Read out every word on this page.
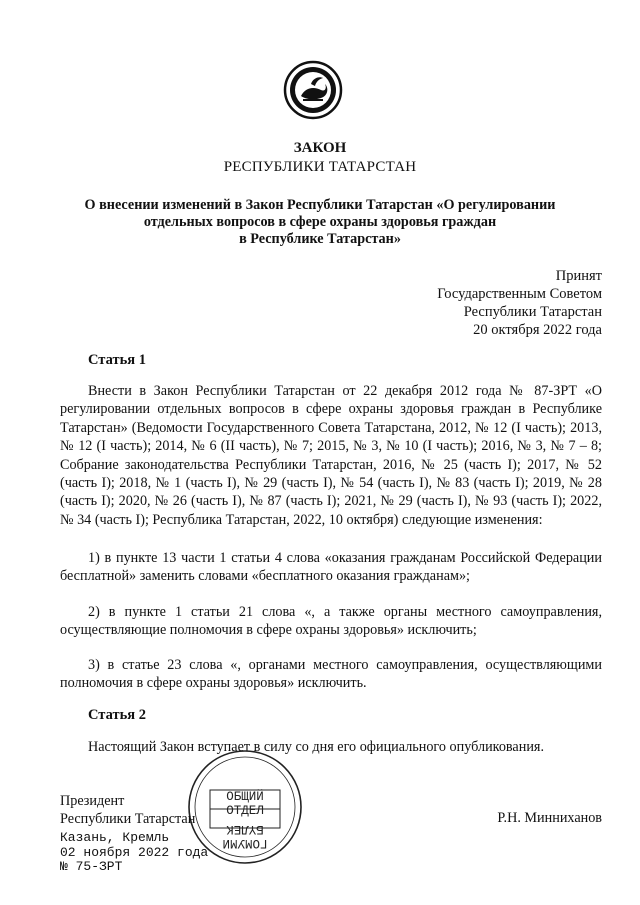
ЗАКОН
РЕСПУБЛИКИ ТАТАРСТАН
О внесении изменений в Закон Республики Татарстан «О регулировании
отдельных вопросов в сфере охраны здоровья граждан
в Республике Татарстан»
Принят
Государственным Советом
Республики Татарстан
20 октября 2022 года
Статья 1

Внести в Закон Республики Татарстан от 22 декабря 2012 года № 87-ЗРТ «О регулировании отдельных вопросов в сфере охраны здоровья граждан в Республике Татарстан» (Ведомости Государственного Совета Татарстана, 2012, № 12 (I часть); 2013, № 12 (I часть); 2014, № 6 (II часть), № 7; 2015, № 3, № 10 (I часть); 2016, № 3, № 7 – 8; Собрание законодательства Республики Татарстан, 2016, № 25 (часть I); 2017, № 52 (часть I); 2018, № 1 (часть I), № 29 (часть I), № 54 (часть I), № 83 (часть I); 2019, № 28 (часть I); 2020, № 26 (часть I), № 87 (часть I); 2021, № 29 (часть I), № 93 (часть I); 2022, № 34 (часть I); Республика Татарстан, 2022, 10 октября) следующие изменения:

1) в пункте 13 части 1 статьи 4 слова «оказания гражданам Российской Федерации бесплатной» заменить словами «бесплатного оказания гражданам»;

2) в пункте 1 статьи 21 слова «, а также органы местного самоуправления, осуществляющие полномочия в сфере охраны здоровья» исключить;

3) в статье 23 слова «, органами местного самоуправления, осуществляющими полномочия в сфере охраны здоровья» исключить.

Статья 2

Настоящий Закон вступает в силу со дня его официального опубликования.

ОБЩИЙ
ОТДЕЛ
БҮЛЕК
ГОМУМИ
Президент
Республики Татарстан	Р.Н. Минниханов
Казань, Кремль
02 ноября 2022 года
№ 75-ЗРТ
